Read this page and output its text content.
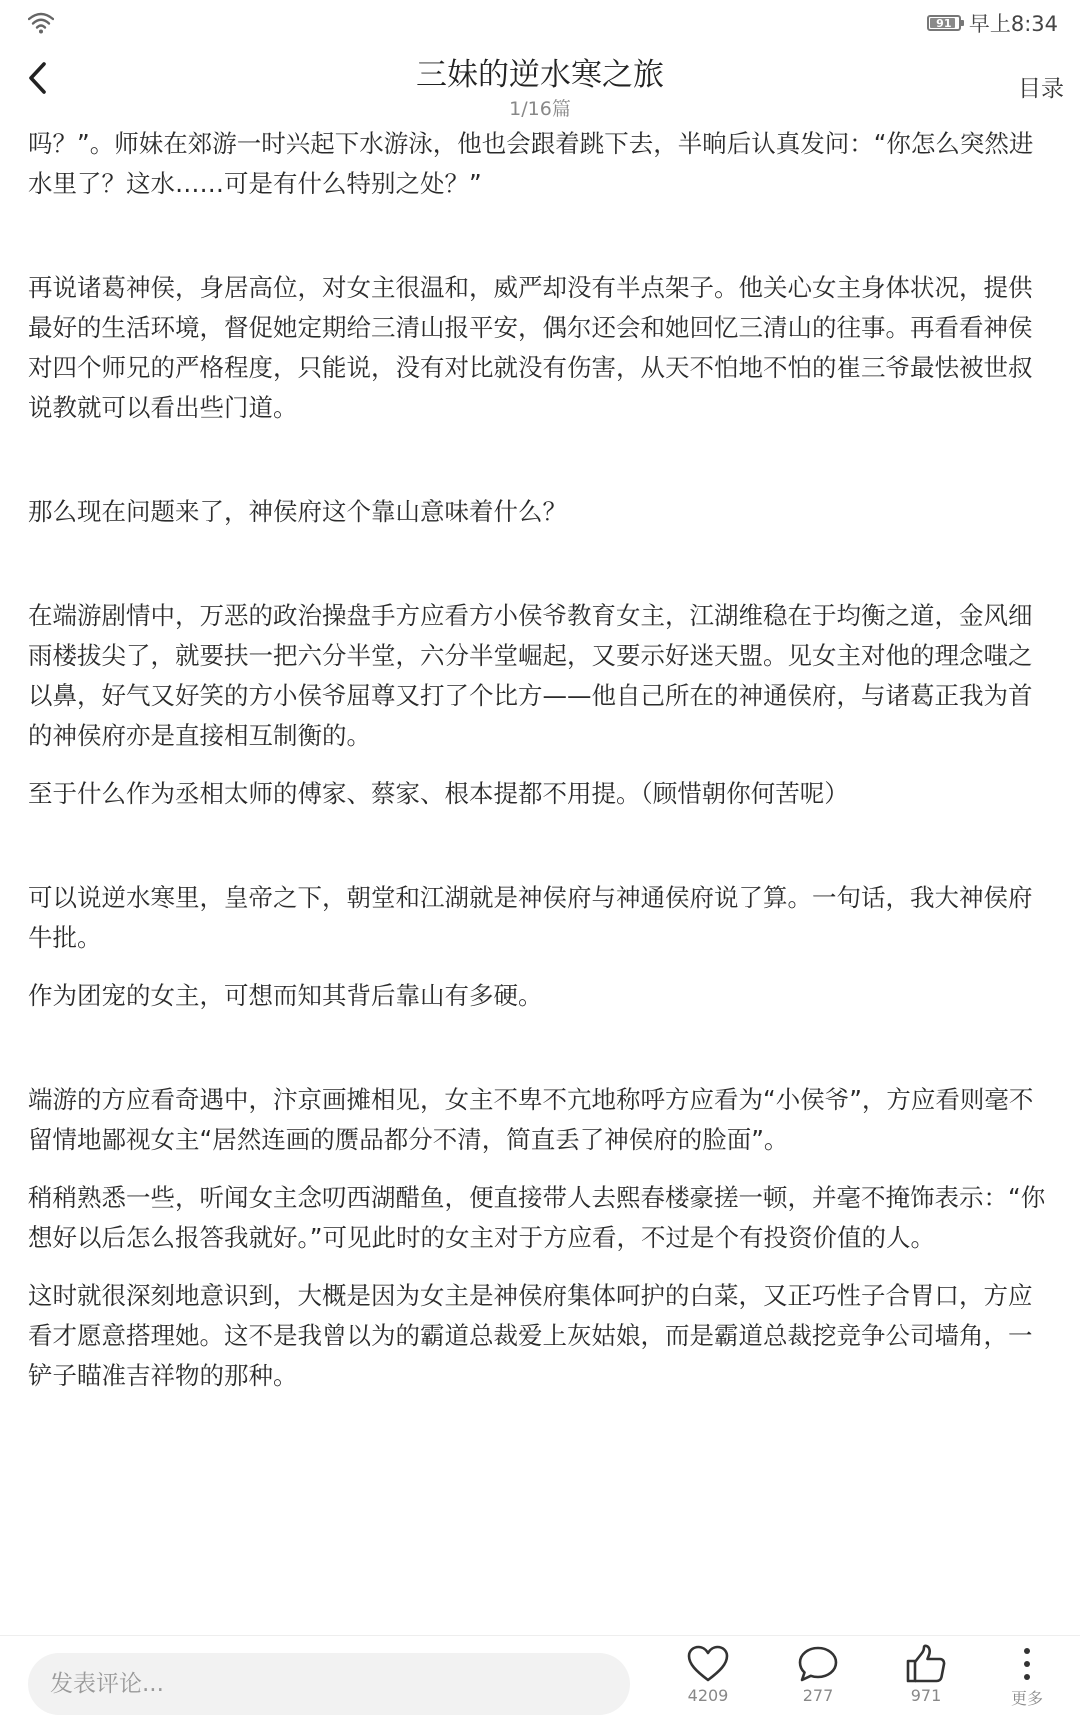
91 早上8:34
三妹的逆水寒之旅
1/16篇
目录

吗？”。师妹在郊游一时兴起下水游泳，他也会跟着跳下去，半晌后认真发问：“你怎么突然进水里了？这水……可是有什么特别之处？”

再说诸葛神侯，身居高位，对女主很温和，威严却没有半点架子。他关心女主身体状况，提供最好的生活环境，督促她定期给三清山报平安，偶尔还会和她回忆三清山的往事。再看看神侯对四个师兄的严格程度，只能说，没有对比就没有伤害，从天不怕地不怕的崔三爷最怯被世叔说教就可以看出些门道。

那么现在问题来了，神侯府这个靠山意味着什么？

在端游剧情中，万恶的政治操盘手方应看方小侯爷教育女主，江湖维稳在于均衡之道，金风细雨楼拔尖了，就要扶一把六分半堂，六分半堂崛起，又要示好迷天盟。见女主对他的理念嗤之以鼻，好气又好笑的方小侯爷屈尊又打了个比方——他自己所在的神通侯府，与诸葛正我为首的神侯府亦是直接相互制衡的。

至于什么作为丞相太师的傅家、蔡家、根本提都不用提。（顾惜朝你何苦呢）

可以说逆水寒里，皇帝之下，朝堂和江湖就是神侯府与神通侯府说了算。一句话，我大神侯府牛批。

作为团宠的女主，可想而知其背后靠山有多硬。

端游的方应看奇遇中，汴京画摊相见，女主不卑不亢地称呼方应看为“小侯爷”，方应看则毫不留情地鄙视女主“居然连画的赝品都分不清，简直丢了神侯府的脸面”。

稍稍熟悉一些，听闻女主念叨西湖醋鱼，便直接带人去熙春楼豪搓一顿，并毫不掩饰表示：“你想好以后怎么报答我就好。”可见此时的女主对于方应看，不过是个有投资价值的人。

这时就很深刻地意识到，大概是因为女主是神侯府集体呵护的白菜，又正巧性子合胃口，方应看才愿意搭理她。这不是我曾以为的霸道总裁爱上灰姑娘，而是霸道总裁挖竞争公司墙角，一铲子瞄准吉祥物的那种。

发表评论...	4209	277	971	更多
